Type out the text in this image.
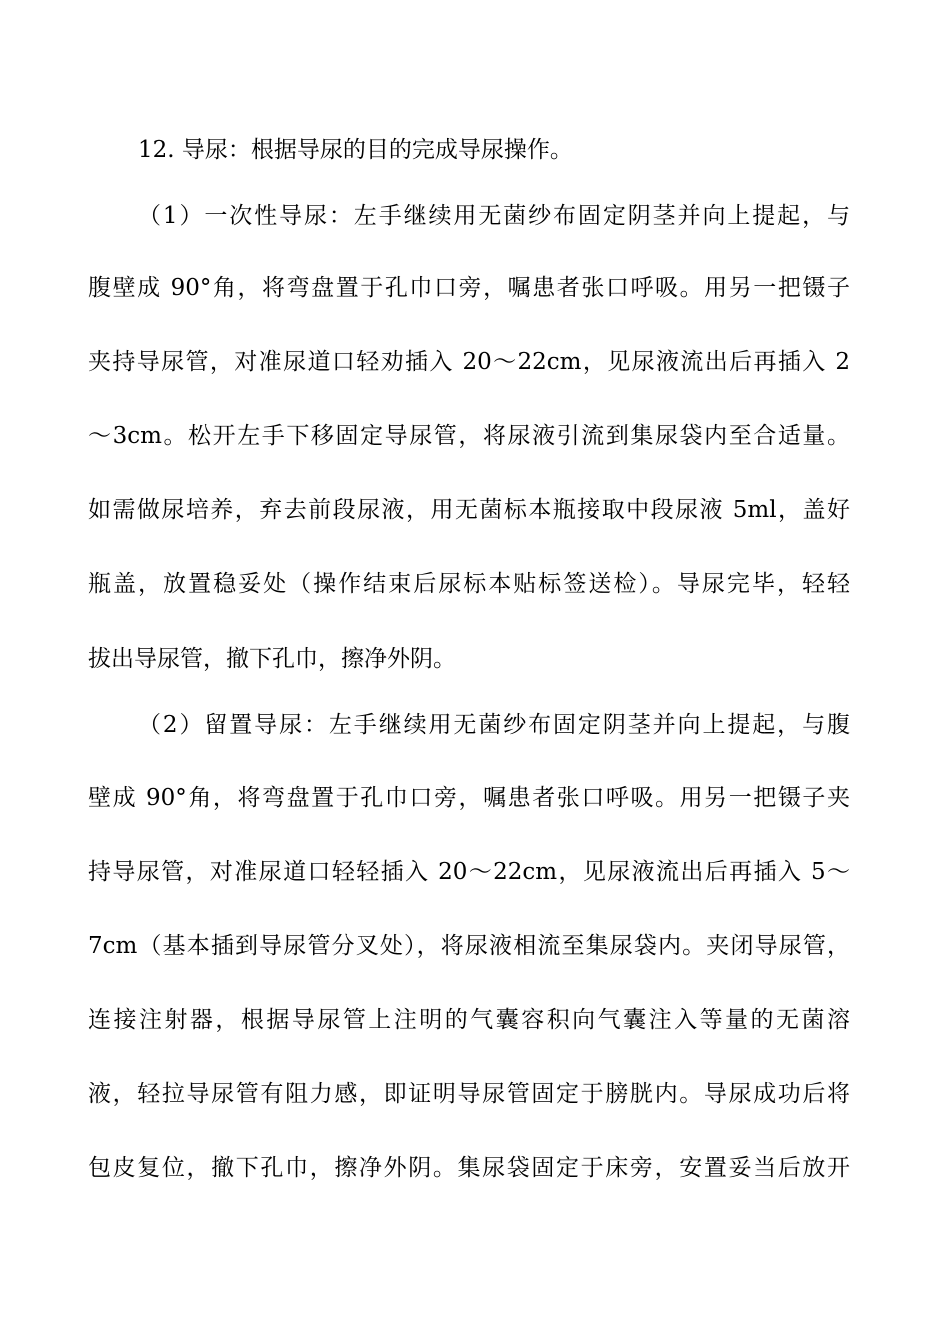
12. 导尿：根据导尿的目的完成导尿操作。
（1）一次性导尿：左手继续用无菌纱布固定阴茎并向上提起，与
腹壁成 90°角，将弯盘置于孔巾口旁，嘱患者张口呼吸。用另一把镊子
夹持导尿管，对准尿道口轻劝插入 20～22cm，见尿液流出后再插入 2
～3cm。松开左手下移固定导尿管，将尿液引流到集尿袋内至合适量。
如需做尿培养，弃去前段尿液，用无菌标本瓶接取中段尿液 5ml，盖好
瓶盖，放置稳妥处（操作结束后尿标本贴标签送检）。导尿完毕，轻轻
拔出导尿管，撤下孔巾，擦净外阴。
（2）留置导尿：左手继续用无菌纱布固定阴茎并向上提起，与腹
壁成 90°角，将弯盘置于孔巾口旁，嘱患者张口呼吸。用另一把镊子夹
持导尿管，对准尿道口轻轻插入 20～22cm，见尿液流出后再插入 5～
7cm（基本插到导尿管分叉处），将尿液相流至集尿袋内。夹闭导尿管，
连接注射器，根据导尿管上注明的气囊容积向气囊注入等量的无菌溶
液，轻拉导尿管有阻力感，即证明导尿管固定于膀胱内。导尿成功后将
包皮复位，撤下孔巾，擦净外阴。集尿袋固定于床旁，安置妥当后放开
